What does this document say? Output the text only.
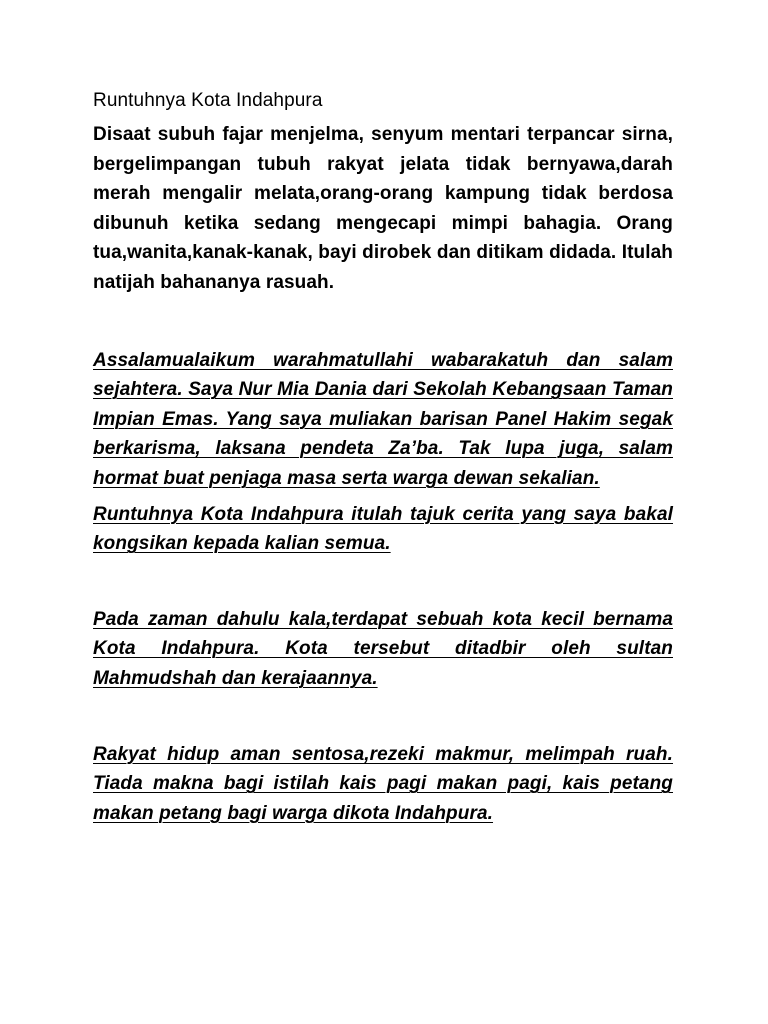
Runtuhnya Kota Indahpura

Disaat subuh fajar menjelma, senyum mentari terpancar sirna, bergelimpangan tubuh rakyat jelata tidak bernyawa,darah merah mengalir melata,orang-orang kampung tidak berdosa dibunuh ketika sedang mengecapi mimpi bahagia. Orang tua,wanita,kanak-kanak, bayi dirobek dan ditikam didada. Itulah natijah bahananya rasuah.

Assalamualaikum warahmatullahi wabarakatuh dan salam sejahtera. Saya Nur Mia Dania dari Sekolah Kebangsaan Taman Impian Emas. Yang saya muliakan barisan Panel Hakim segak berkarisma, laksana pendeta Za’ba. Tak lupa juga, salam hormat buat penjaga masa serta warga dewan sekalian.

Runtuhnya Kota Indahpura itulah tajuk cerita yang saya bakal kongsikan kepada kalian semua.

Pada zaman dahulu kala,terdapat sebuah kota kecil bernama Kota Indahpura. Kota tersebut ditadbir oleh sultan Mahmudshah dan kerajaannya.

Rakyat hidup aman sentosa,rezeki makmur, melimpah ruah. Tiada makna bagi istilah kais pagi makan pagi, kais petang makan petang bagi warga dikota Indahpura.
